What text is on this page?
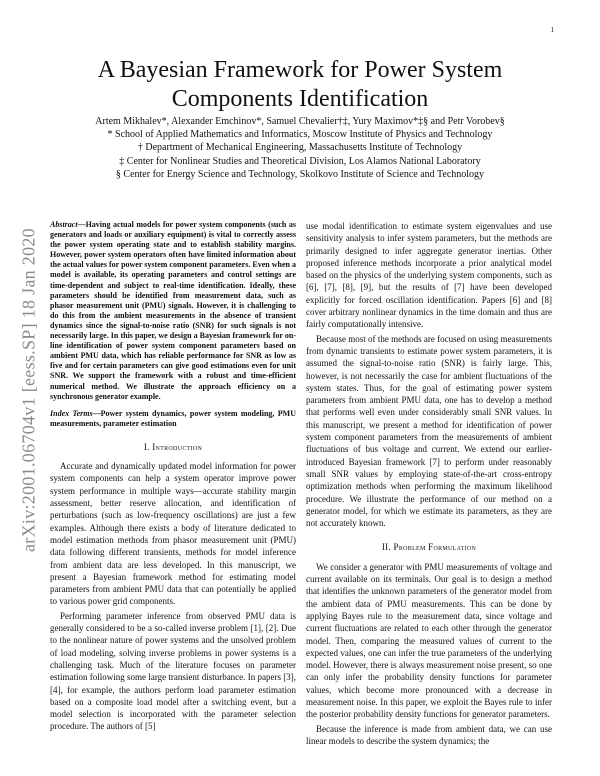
1
arXiv:2001.06704v1 [eess.SP] 18 Jan 2020
A Bayesian Framework for Power System
Components Identification
Artem Mikhalev*, Alexander Emchinov*, Samuel Chevalier†‡, Yury Maximov*‡§ and Petr Vorobev§
* School of Applied Mathematics and Informatics, Moscow Institute of Physics and Technology
† Department of Mechanical Engineering, Massachusetts Institute of Technology
‡ Center for Nonlinear Studies and Theoretical Division, Los Alamos National Laboratory
§ Center for Energy Science and Technology, Skolkovo Institute of Science and Technology
Abstract—Having actual models for power system components (such as generators and loads or auxiliary equipment) is vital to correctly assess the power system operating state and to establish stability margins. However, power system operators often have limited information about the actual values for power system component parameters. Even when a model is available, its operating parameters and control settings are time-dependent and subject to real-time identification. Ideally, these parameters should be identified from measurement data, such as phasor measurement unit (PMU) signals. However, it is challenging to do this from the ambient measurements in the absence of transient dynamics since the signal-to-noise ratio (SNR) for such signals is not necessarily large. In this paper, we design a Bayesian framework for on-line identification of power system component parameters based on ambient PMU data, which has reliable performance for SNR as low as five and for certain parameters can give good estimations even for unit SNR. We support the framework with a robust and time-efficient numerical method. We illustrate the approach efficiency on a synchronous generator example.
Index Terms—Power system dynamics, power system modeling, PMU measurements, parameter estimation
I. Introduction

Accurate and dynamically updated model information for power system components can help a system operator improve power system performance in multiple ways—accurate stability margin assessment, better reserve allocation, and identification of perturbations (such as low-frequency oscillations) are just a few examples. Although there exists a body of literature dedicated to model estimation methods from phasor measurement unit (PMU) data following different transients, methods for model inference from ambient data are less developed. In this manuscript, we present a Bayesian framework method for estimating model parameters from ambient PMU data that can potentially be applied to various power grid components.

Performing parameter inference from observed PMU data is generally considered to be a so-called inverse problem [1], [2]. Due to the nonlinear nature of power systems and the unsolved problem of load modeling, solving inverse problems in power systems is a challenging task. Much of the literature focuses on parameter estimation following some large transient disturbance. In papers [3], [4], for example, the authors perform load parameter estimation based on a composite load model after a switching event, but a model selection is incorporated with the parameter selection procedure. The authors of [5]

use modal identification to estimate system eigenvalues and use sensitivity analysis to infer system parameters, but the methods are primarily designed to infer aggregate generator inertias. Other proposed inference methods incorporate a prior analytical model based on the physics of the underlying system components, such as [6], [7], [8], [9], but the results of [7] have been developed explicitly for forced oscillation identification. Papers [6] and [8] cover arbitrary nonlinear dynamics in the time domain and thus are fairly computationally intensive.

Because most of the methods are focused on using measurements from dynamic transients to estimate power system parameters, it is assumed the signal-to-noise ratio (SNR) is fairly large. This, however, is not necessarily the case for ambient fluctuations of the system states. Thus, for the goal of estimating power system parameters from ambient PMU data, one has to develop a method that performs well even under considerably small SNR values. In this manuscript, we present a method for identification of power system component parameters from the measurements of ambient fluctuations of bus voltage and current. We extend our earlier-introduced Bayesian framework [7] to perform under reasonably small SNR values by employing state-of-the-art cross-entropy optimization methods when performing the maximum likelihood procedure. We illustrate the performance of our method on a generator model, for which we estimate its parameters, as they are not accurately known.

II. Problem Formulation

We consider a generator with PMU measurements of voltage and current available on its terminals. Our goal is to design a method that identifies the unknown parameters of the generator model from the ambient data of PMU measurements. This can be done by applying Bayes rule to the measurement data, since voltage and current fluctuations are related to each other through the generator model. Then, comparing the measured values of current to the expected values, one can infer the true parameters of the underlying model. However, there is always measurement noise present, so one can only infer the probability density functions for parameter values, which become more pronounced with a decrease in measurement noise. In this paper, we exploit the Bayes rule to infer the posterior probability density functions for generator parameters.

Because the inference is made from ambient data, we can use linear models to describe the system dynamics; the
